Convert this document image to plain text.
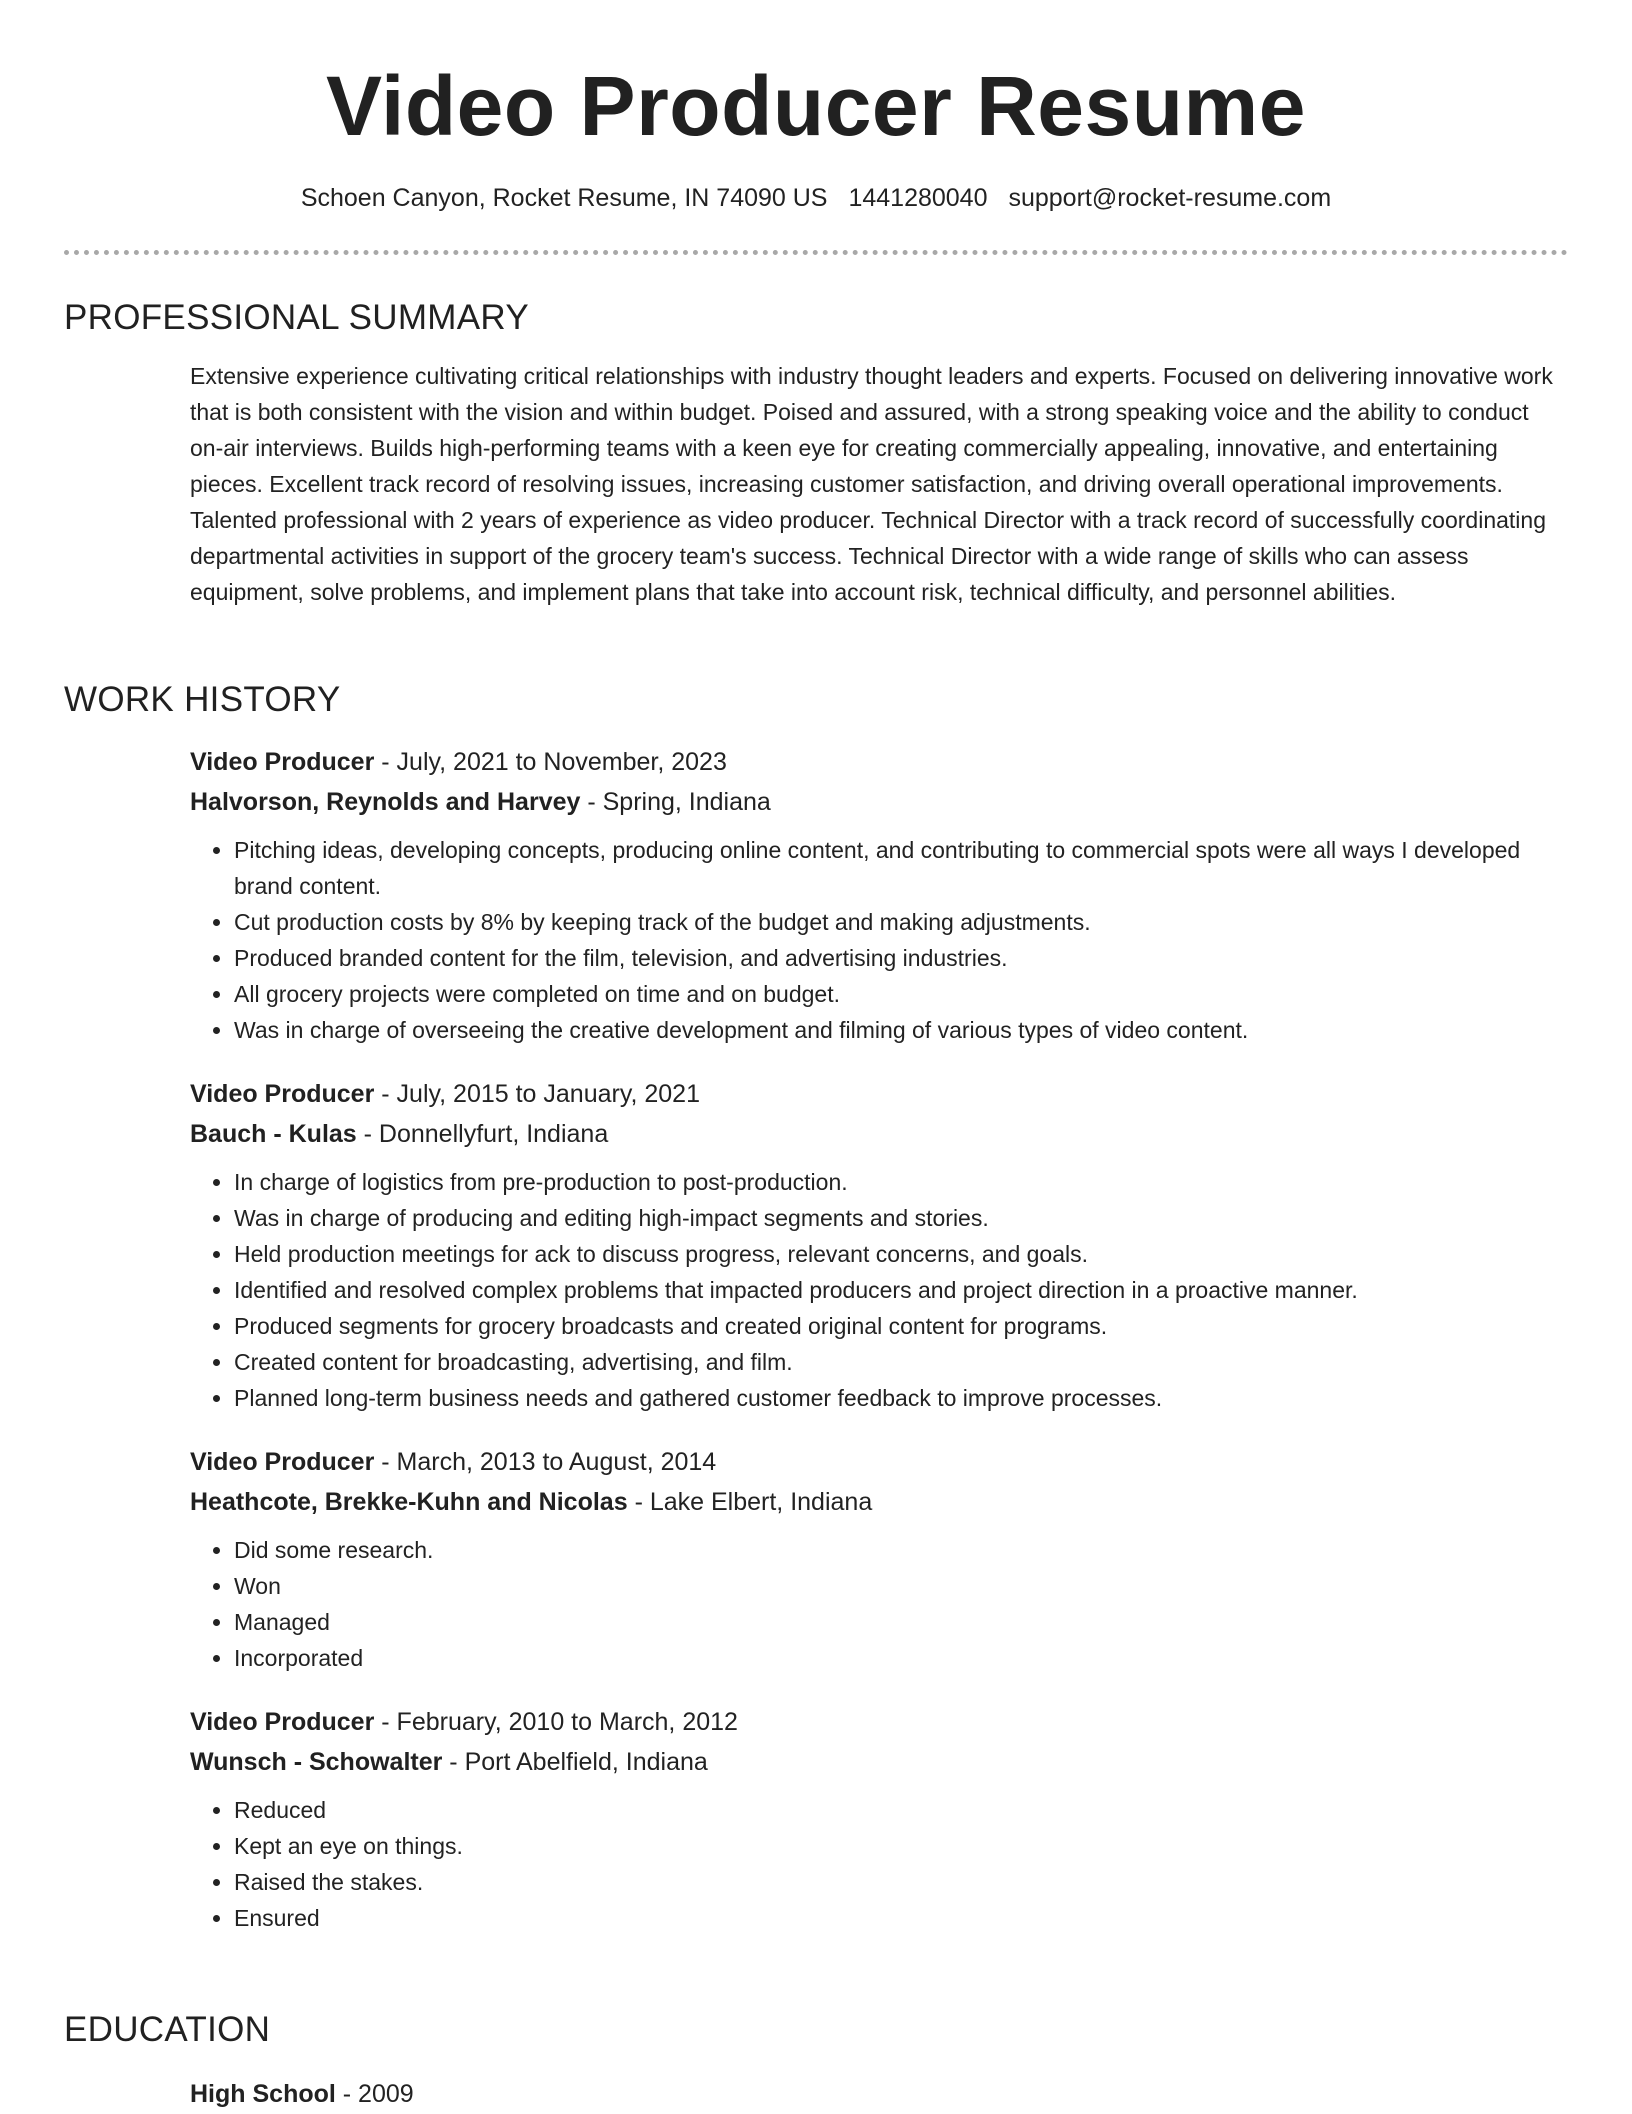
Video Producer Resume
Schoen Canyon, Rocket Resume, IN 74090 US 1441280040 support@rocket-resume.com
PROFESSIONAL SUMMARY

Extensive experience cultivating critical relationships with industry thought leaders and experts. Focused on delivering innovative work that is both consistent with the vision and within budget. Poised and assured, with a strong speaking voice and the ability to conduct on-air interviews. Builds high-performing teams with a keen eye for creating commercially appealing, innovative, and entertaining pieces. Excellent track record of resolving issues, increasing customer satisfaction, and driving overall operational improvements. Talented professional with 2 years of experience as video producer. Technical Director with a track record of successfully coordinating departmental activities in support of the grocery team's success. Technical Director with a wide range of skills who can assess equipment, solve problems, and implement plans that take into account risk, technical difficulty, and personnel abilities.

WORK HISTORY
Video Producer - July, 2021 to November, 2023
Halvorson, Reynolds and Harvey - Spring, Indiana
• Pitching ideas, developing concepts, producing online content, and contributing to commercial spots were all ways I developed brand content.
• Cut production costs by 8% by keeping track of the budget and making adjustments.
• Produced branded content for the film, television, and advertising industries.
• All grocery projects were completed on time and on budget.
• Was in charge of overseeing the creative development and filming of various types of video content.
Video Producer - July, 2015 to January, 2021
Bauch - Kulas - Donnellyfurt, Indiana
• In charge of logistics from pre-production to post-production.
• Was in charge of producing and editing high-impact segments and stories.
• Held production meetings for ack to discuss progress, relevant concerns, and goals.
• Identified and resolved complex problems that impacted producers and project direction in a proactive manner.
• Produced segments for grocery broadcasts and created original content for programs.
• Created content for broadcasting, advertising, and film.
• Planned long-term business needs and gathered customer feedback to improve processes.
Video Producer - March, 2013 to August, 2014
Heathcote, Brekke-Kuhn and Nicolas - Lake Elbert, Indiana
• Did some research.
• Won
• Managed
• Incorporated
Video Producer - February, 2010 to March, 2012
Wunsch - Schowalter - Port Abelfield, Indiana
• Reduced
• Kept an eye on things.
• Raised the stakes.
• Ensured
EDUCATION
High School - 2009
